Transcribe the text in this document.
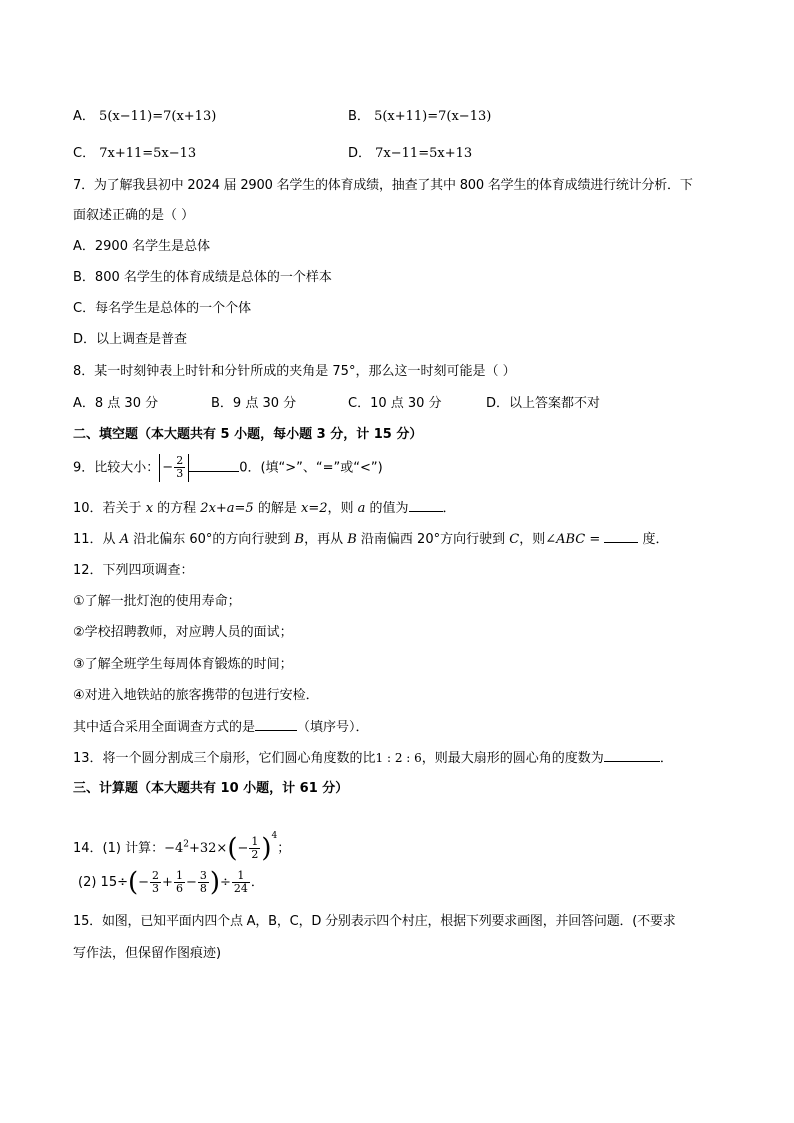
A． 5(x−11)=7(x+13)	B． 5(x+11)=7(x−13)
C． 7x+11=5x−13	D． 7x−11=5x+13
7．为了解我县初中 2024 届 2900 名学生的体育成绩，抽查了其中 800 名学生的体育成绩进行统计分析．下
面叙述正确的是（ ）
A．2900 名学生是总体
B．800 名学生的体育成绩是总体的一个样本
C．每名学生是总体的一个个体
D．以上调查是普查
8．某一时刻钟表上时针和分针所成的夹角是 75°，那么这一时刻可能是（ ）
A．8 点 30 分	B．9 点 30 分	C．10 点 30 分	D．以上答案都不对
二、填空题（本大题共有 5 小题，每小题 3 分，计 15 分）
9．比较大小： − $\frac{2}{3}$	0．(填“>”、“=”或“<”)
10．若关于 x 的方程 2x+a=5 的解是 x=2，则 a 的值为	．
11．从 A 沿北偏东 60°的方向行驶到 B，再从 B 沿南偏西 20°方向行驶到 C，则∠ABC =	度．
12．下列四项调查：
①了解一批灯泡的使用寿命；
②学校招聘教师，对应聘人员的面试；
③了解全班学生每周体育锻炼的时间；
④对进入地铁站的旅客携带的包进行安检．
其中适合采用全面调查方式的是	（填序号）．
13．将一个圆分割成三个扇形，它们圆心角度数的比1 : 2 : 6，则最大扇形的圆心角的度数为	．
三、计算题（本大题共有 10 小题，计 61 分）
14．(1) 计算：$-4^2+32\times(- \frac{1}{2} )^4$；
(2) $15\div(- \frac{2}{3} + \frac{1}{6} - \frac{3}{8}$ )÷ $\frac{1}{24}$ ．
15．如图，已知平面内四个点 A，B，C，D 分别表示四个村庄，根据下列要求画图，并回答问题．(不要求
写作法，但保留作图痕迹)
